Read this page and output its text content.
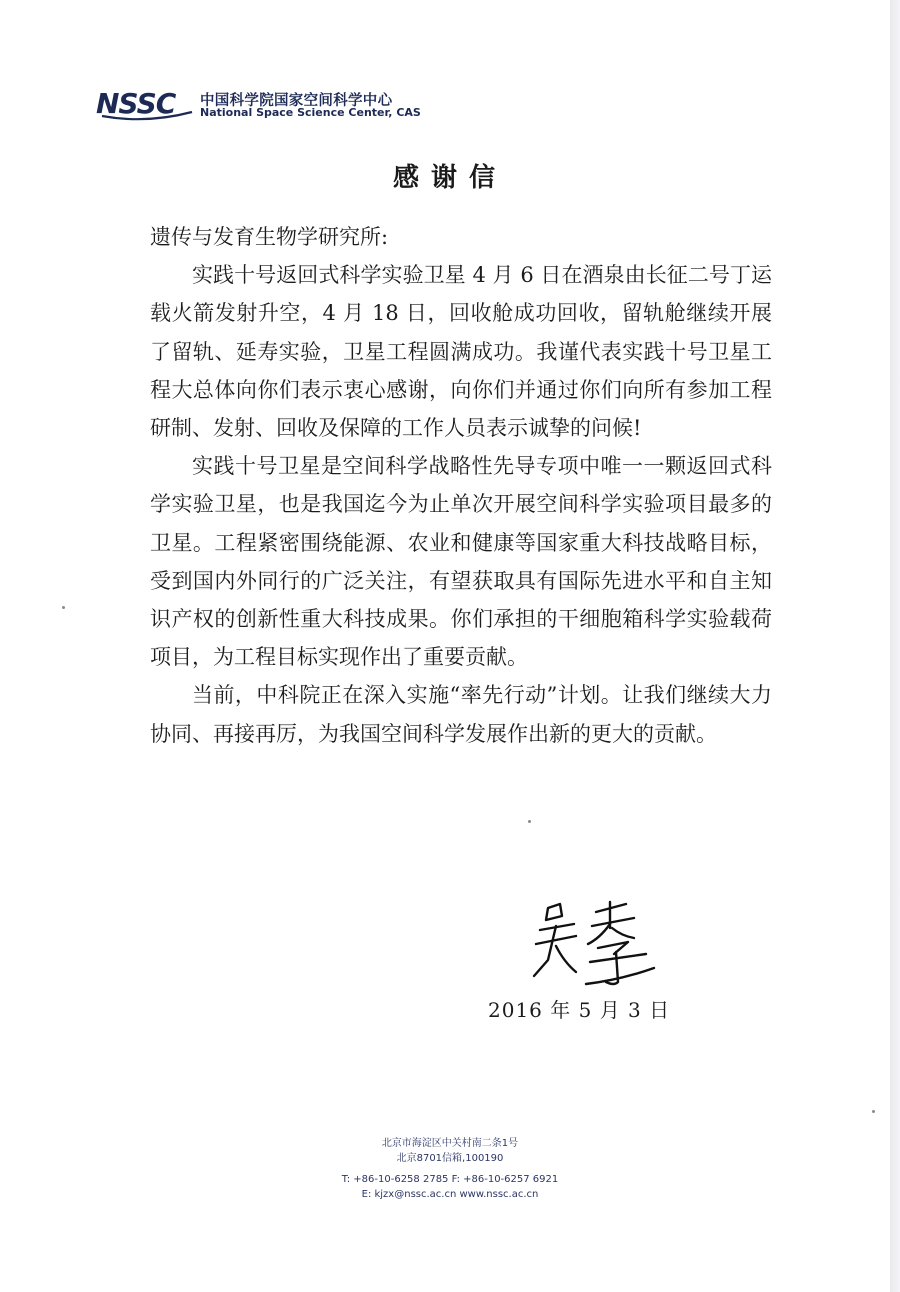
NSSC 中国科学院国家空间科学中心
National Space Science Center, CAS
感谢信

遗传与发育生物学研究所:

实践十号返回式科学实验卫星 4 月 6 日在酒泉由长征二号丁运载火箭发射升空，4 月 18 日，回收舱成功回收，留轨舱继续开展了留轨、延寿实验，卫星工程圆满成功。我谨代表实践十号卫星工程大总体向你们表示衷心感谢，向你们并通过你们向所有参加工程研制、发射、回收及保障的工作人员表示诚挚的问候!

实践十号卫星是空间科学战略性先导专项中唯一一颗返回式科学实验卫星，也是我国迄今为止单次开展空间科学实验项目最多的卫星。工程紧密围绕能源、农业和健康等国家重大科技战略目标，受到国内外同行的广泛关注，有望获取具有国际先进水平和自主知识产权的创新性重大科技成果。你们承担的干细胞箱科学实验载荷项目，为工程目标实现作出了重要贡献。

当前，中科院正在深入实施“率先行动”计划。让我们继续大力协同、再接再厉，为我国空间科学发展作出新的更大的贡献。

2016 年 5 月 3 日
北京市海淀区中关村南二条1号
北京8701信箱,100190
T: +86-10-6258 2785 F: +86-10-6257 6921
E: kjzx@nssc.ac.cn www.nssc.ac.cn
